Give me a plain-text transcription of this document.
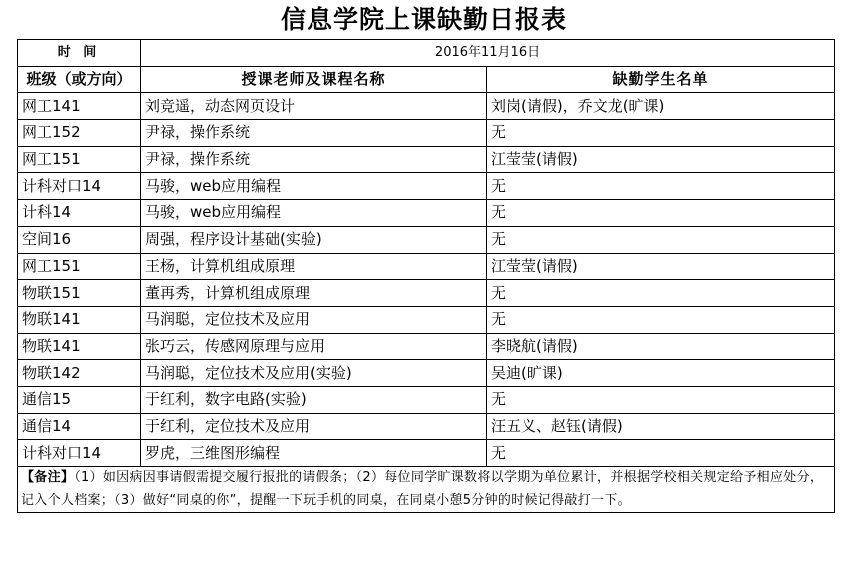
信息学院上课缺勤日报表
时 间	2016年11月16日	
班级（或方向）	授课老师及课程名称	缺勤学生名单
网工141	刘竞遥，动态网页设计	刘岗(请假)，乔文龙(旷课)
网工152	尹禄，操作系统	无
网工151	尹禄，操作系统	江莹莹(请假)
计科对口14	马骏，web应用编程	无
计科14	马骏，web应用编程	无
空间16	周强，程序设计基础(实验)	无
网工151	王杨，计算机组成原理	江莹莹(请假)
物联151	董再秀，计算机组成原理	无
物联141	马润聪，定位技术及应用	无
物联141	张巧云，传感网原理与应用	李晓航(请假)
物联142	马润聪，定位技术及应用(实验)	吴迪(旷课)
通信15	于红利，数字电路(实验)	无
通信14	于红利，定位技术及应用	汪五义、赵钰(请假)
计科对口14	罗虎，三维图形编程	无
【备注】（1）如因病因事请假需提交履行报批的请假条；（2）每位同学旷课数将以学期为单位累计，并根据学校相关规定给予相应处分，记入个人档案；（3）做好“同桌的你”，提醒一下玩手机的同桌，在同桌小憩5分钟的时候记得敲打一下。		
